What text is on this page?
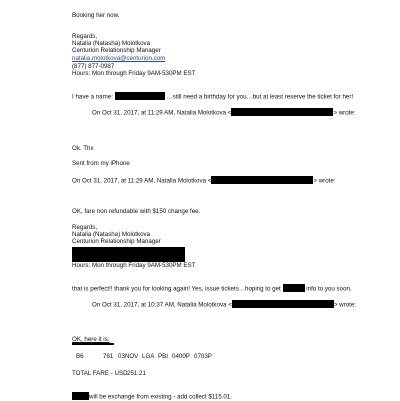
Booking her now.
Regards,
Natalia (Natasha) Molotkova
Centurion Relationship Manager
natalia.molotkova@centurion.com
(877) 877-0987
Hours: Mon through Friday 9AM-530PM EST
I have a name:	…still need a birthday for you…but at least reserve the ticket for her!
On Oct 31, 2017, at 11:29 AM, Natalia Molotkova <	> wrote:
Ok. Thx
Sent from my iPhone
On Oct 31, 2017, at 11:29 AM, Natalia Molotkova <	> wrote:
OK, fare non refundable with $150 change fee.
Regards,
Natalia (Natasha) Molotkova
Centurion Relationship Manager
Hours: Mon through Friday 9AM-530PM EST
that is perfect!! thank you for looking again! Yes, issue tickets…hoping to get	info to you soon.
On Oct 31, 2017, at 10:37 AM, Natalia Molotkova <	> wrote:
OK, here it is:
B6	761 03NOV LGA PBI 0400P 0703P
TOTAL FARE - USD 251.21
will be exchange from existing - add collect $115.01.
